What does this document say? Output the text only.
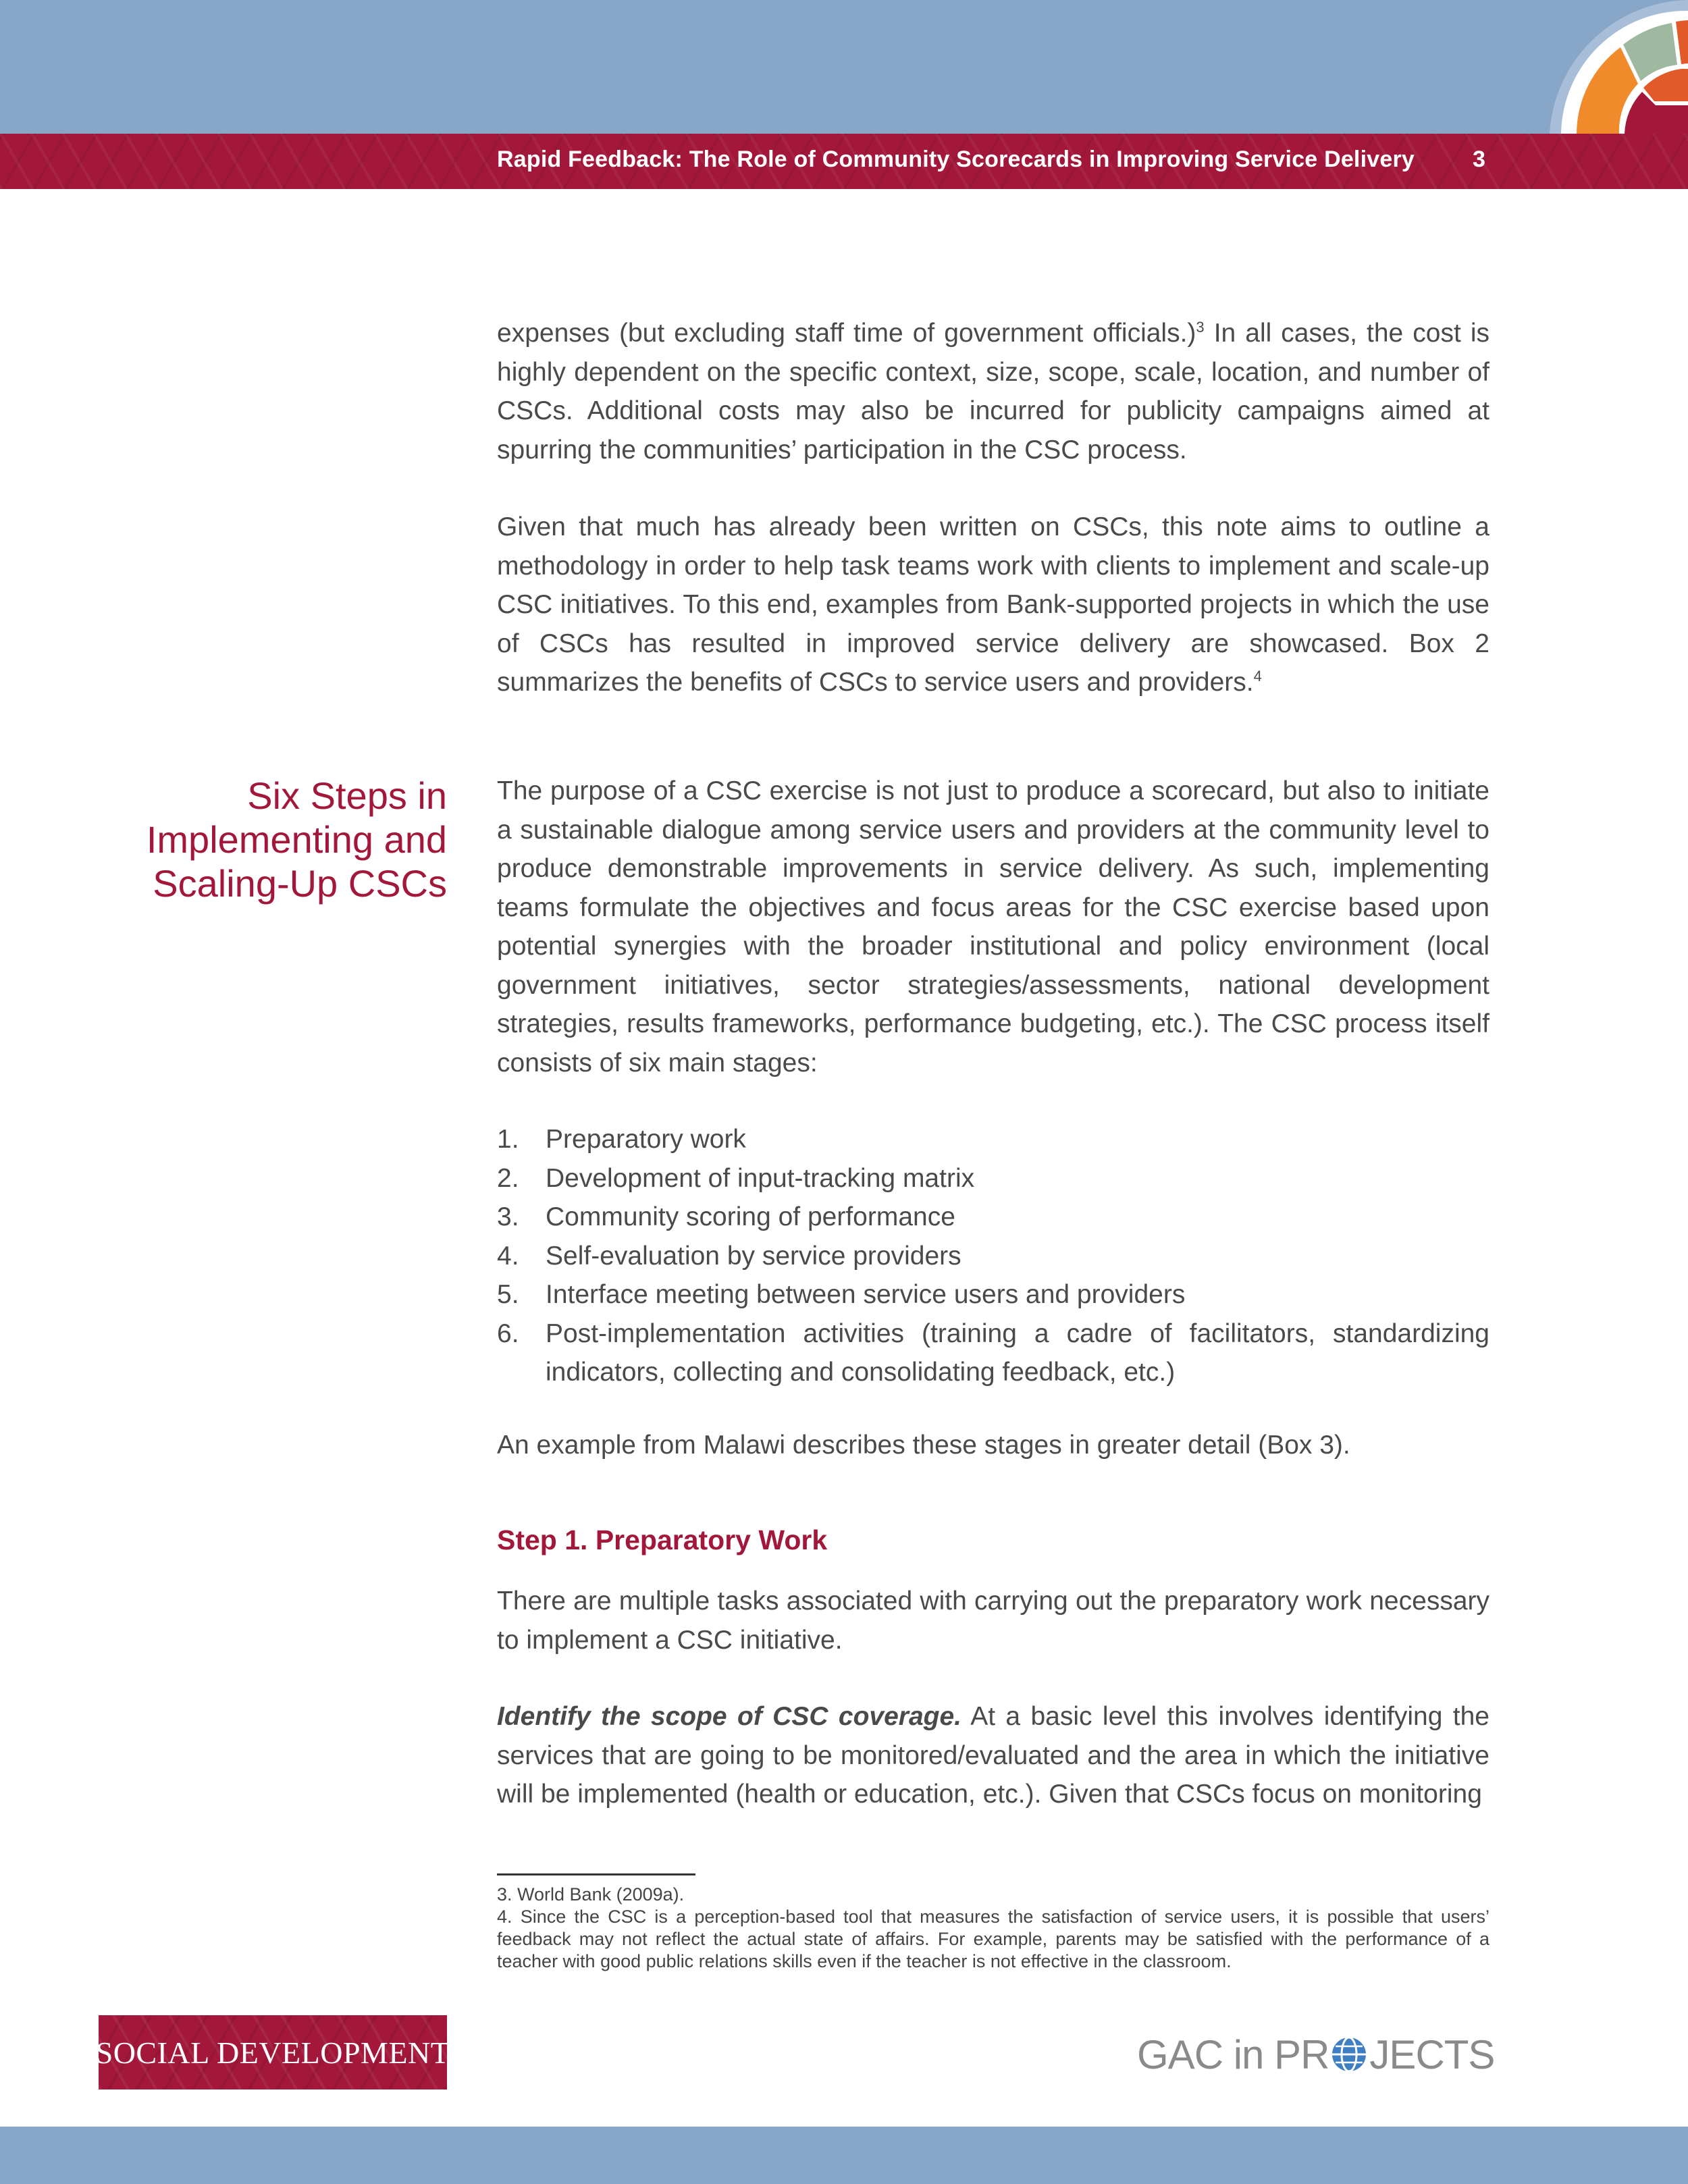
Rapid Feedback: The Role of Community Scorecards in Improving Service Delivery	3

expenses (but excluding staff time of government officials.)$^3$ In all cases, the cost is highly dependent on the specific context, size, scope, scale, location, and number of CSCs. Additional costs may also be incurred for publicity campaigns aimed at spurring the communities’ participation in the CSC process.

Given that much has already been written on CSCs, this note aims to outline a methodology in order to help task teams work with clients to implement and scale-up CSC initiatives. To this end, examples from Bank-supported projects in which the use of CSCs has resulted in improved service delivery are showcased. Box 2 summarizes the benefits of CSCs to service users and providers.$^4$

Six Steps in
Implementing and
Scaling-Up CSCs

The purpose of a CSC exercise is not just to produce a scorecard, but also to initiate a sustainable dialogue among service users and providers at the community level to produce demonstrable improvements in service delivery. As such, implementing teams formulate the objectives and focus areas for the CSC exercise based upon potential synergies with the broader institutional and policy environment (local government initiatives, sector strategies/assessments, national development strategies, results frameworks, performance budgeting, etc.). The CSC process itself consists of six main stages:

1. Preparatory work
2. Development of input-tracking matrix
3. Community scoring of performance
4. Self-evaluation by service providers
5. Interface meeting between service users and providers
6. Post-implementation activities (training a cadre of facilitators, standardizing indicators, collecting and consolidating feedback, etc.)

An example from Malawi describes these stages in greater detail (Box 3).

Step 1. Preparatory Work

There are multiple tasks associated with carrying out the preparatory work necessary to implement a CSC initiative.

Identify the scope of CSC coverage. At a basic level this involves identifying the services that are going to be monitored/evaluated and the area in which the initiative will be implemented (health or education, etc.). Given that CSCs focus on monitoring

3. World Bank (2009a).

4. Since the CSC is a perception-based tool that measures the satisfaction of service users, it is possible that users’ feedback may not reflect the actual state of affairs. For example, parents may be satisfied with the performance of a teacher with good public relations skills even if the teacher is not effective in the classroom.

SOCIAL DEVELOPMENT	GAC in PR JECTS
